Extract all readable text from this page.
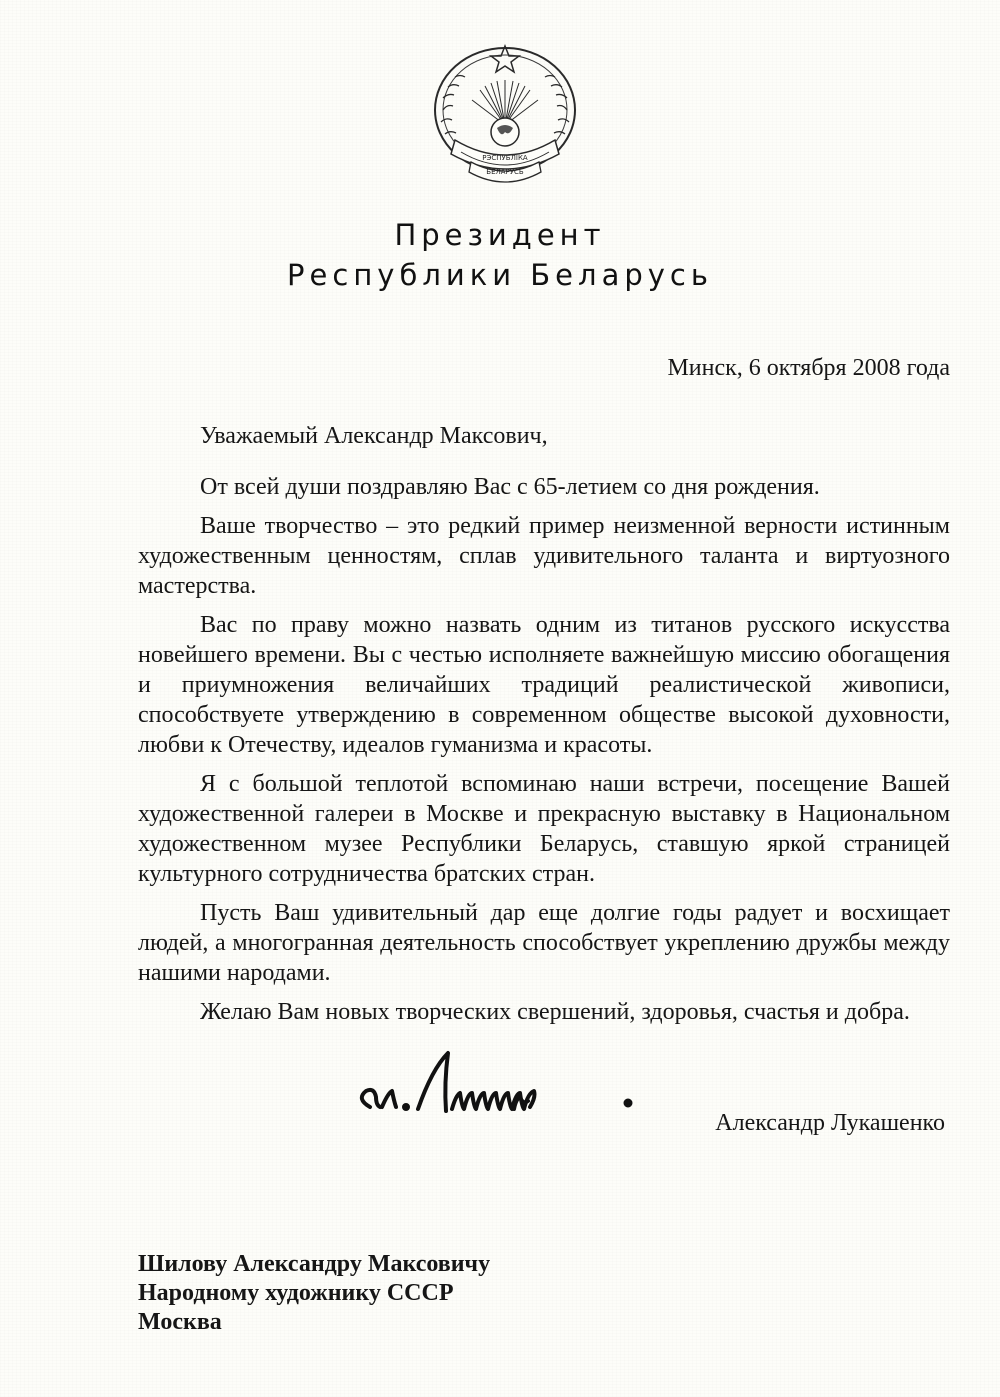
РЭСПУБЛІКА
БЕЛАРУСЬ
Президент
Республики Беларусь
Минск, 6 октября 2008 года
Уважаемый Александр Максович,

От всей души поздравляю Вас с 65-летием со дня рождения.

Ваше творчество – это редкий пример неизменной верности истинным художественным ценностям, сплав удивительного таланта и виртуозного мастерства.

Вас по праву можно назвать одним из титанов русского искусства новейшего времени. Вы с честью исполняете важнейшую миссию обогащения и приумножения величайших традиций реалистической живописи, способствуете утверждению в современном обществе высокой духовности, любви к Отечеству, идеалов гуманизма и красоты.

Я с большой теплотой вспоминаю наши встречи, посещение Вашей художественной галереи в Москве и прекрасную выставку в Национальном художественном музее Республики Беларусь, ставшую яркой страницей культурного сотрудничества братских стран.

Пусть Ваш удивительный дар еще долгие годы радует и восхищает людей, а многогранная деятельность способствует укреплению дружбы между нашими народами.

Желаю Вам новых творческих свершений, здоровья, счастья и добра.

Александр Лукашенко
Шилову Александру Максовичу
Народному художнику СССР
Москва
